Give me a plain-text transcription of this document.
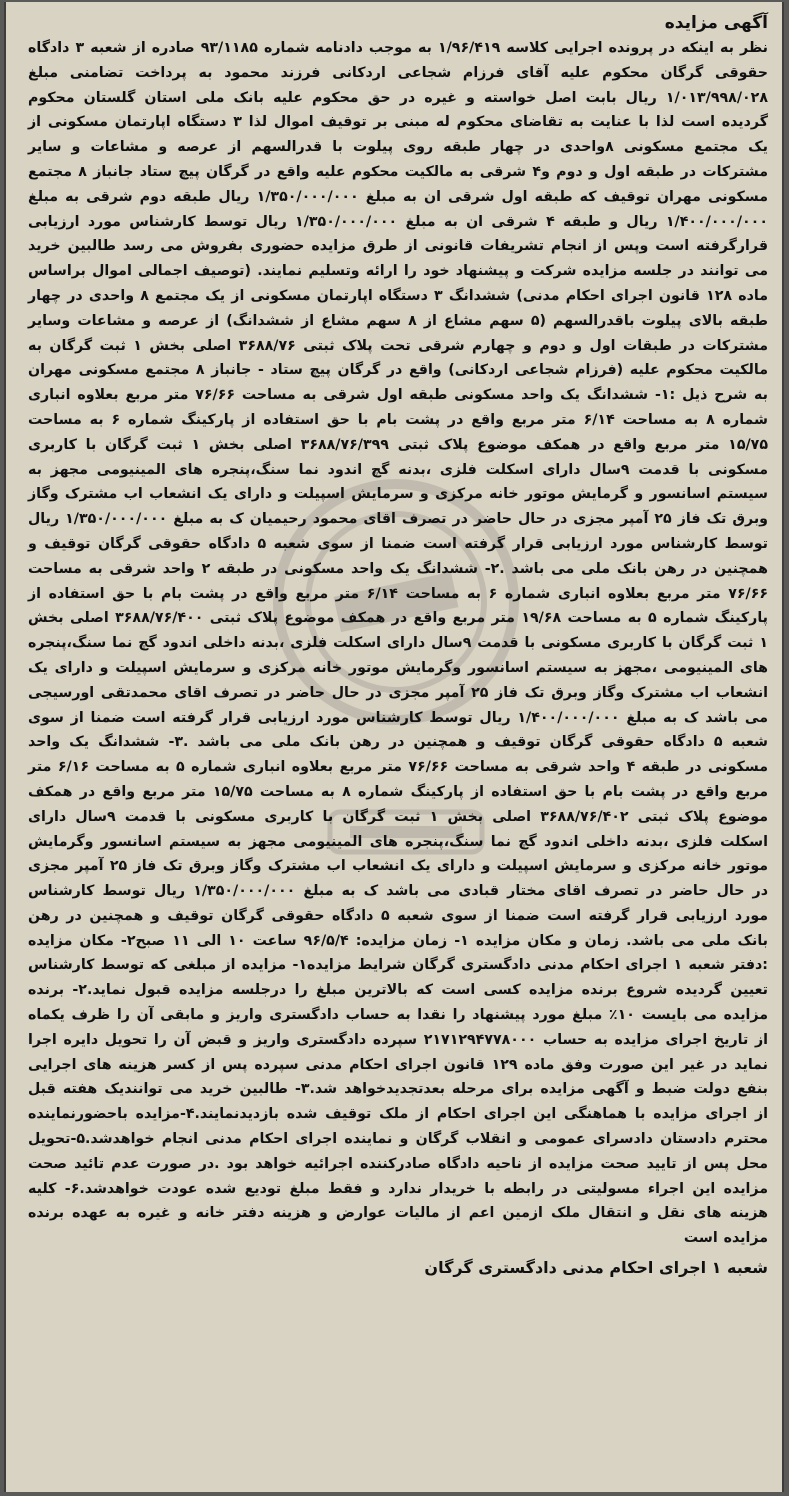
آگهی مزایده

نظر به اینکه در پرونده اجرایی کلاسه ۱/۹۶/۴۱۹ به موجب دادنامه شماره ۹۳/۱۱۸۵ صادره از شعبه ۳ دادگاه حقوقی گرگان محکوم علیه آقای فرزام شجاعی اردکانی فرزند محمود به پرداخت تضامنی مبلغ ۱/۰۱۳/۹۹۸/۰۲۸ ریال بابت اصل خواسته و غیره در حق محکوم علیه بانک ملی استان گلستان محکوم گردیده است لذا با عنایت به تقاضای محکوم له مبنی بر توقیف اموال لذا ۳ دستگاه اپارتمان مسکونی از یک مجتمع مسکونی ۸واحدی در چهار طبقه روی پیلوت با قدرالسهم از عرصه و مشاعات و سایر مشترکات در طبقه اول و دوم و۴ شرقی به مالکیت محکوم علیه واقع در گرگان پیچ ستاد جانباز ۸ مجتمع مسکونی مهران توقیف که طبقه اول شرقی ان به مبلغ ۱/۳۵۰/۰۰۰/۰۰۰ ریال طبقه دوم شرقی به مبلغ ۱/۴۰۰/۰۰۰/۰۰۰ ریال و طبقه ۴ شرقی ان به مبلغ ۱/۳۵۰/۰۰۰/۰۰۰ ریال توسط کارشناس مورد ارزیابی قرارگرفته است وپس از انجام تشریفات قانونی از طرق مزایده حضوری بفروش می رسد طالبین خرید می توانند در جلسه مزایده شرکت و پیشنهاد خود را ارائه وتسلیم نمایند. (توصیف اجمالی اموال براساس ماده ۱۲۸ قانون اجرای احکام مدنی) ششدانگ ۳ دستگاه اپارتمان مسکونی از یک مجتمع ۸ واحدی در چهار طبقه بالای پیلوت باقدرالسهم (۵ سهم مشاع از ۸ سهم مشاع از ششدانگ) از عرصه و مشاعات وسایر مشترکات در طبقات اول و دوم و چهارم شرقی تحت پلاک ثبتی ۳۶۸۸/۷۶ اصلی بخش ۱ ثبت گرگان به مالکیت محکوم علیه (فرزام شجاعی اردکانی) واقع در گرگان پیچ ستاد - جانباز ۸ مجتمع مسکونی مهران به شرح ذیل :۱- ششدانگ یک واحد مسکونی طبقه اول شرقی به مساحت ۷۶/۶۶ متر مربع بعلاوه انباری شماره ۸ به مساحت ۶/۱۴ متر مربع واقع در پشت بام با حق استفاده از پارکینگ شماره ۶ به مساحت ۱۵/۷۵ متر مربع واقع در همکف موضوع پلاک ثبتی ۳۶۸۸/۷۶/۳۹۹ اصلی بخش ۱ ثبت گرگان با کاربری مسکونی با قدمت ۹سال دارای اسکلت فلزی ،بدنه گچ اندود نما سنگ،پنجره های المینیومی مجهز به سیستم اسانسور و گرمایش موتور خانه مرکزی و سرمایش اسپیلت و دارای یک انشعاب اب مشترک وگاز وبرق تک فاز ۲۵ آمپر مجزی در حال حاضر در تصرف اقای محمود رحیمیان ک به مبلغ ۱/۳۵۰/۰۰۰/۰۰۰ ریال توسط کارشناس مورد ارزیابی قرار گرفته است ضمنا از سوی شعبه ۵ دادگاه حقوقی گرگان توقیف و همچنین در رهن بانک ملی می باشد .۲- ششدانگ یک واحد مسکونی در طبقه ۲ واحد شرقی به مساحت ۷۶/۶۶ متر مربع بعلاوه انباری شماره ۶ به مساحت ۶/۱۴ متر مربع واقع در پشت بام با حق استفاده از پارکینگ شماره ۵ به مساحت ۱۹/۶۸ متر مربع واقع در همکف موضوع پلاک ثبتی ۳۶۸۸/۷۶/۴۰۰ اصلی بخش ۱ ثبت گرگان با کاربری مسکونی با قدمت ۹سال دارای اسکلت فلزی ،بدنه داخلی اندود گچ نما سنگ،پنجره های المینیومی ،مجهز به سیستم اسانسور وگرمایش موتور خانه مرکزی و سرمایش اسپیلت و دارای یک انشعاب اب مشترک وگاز وبرق تک فاز ۲۵ آمپر مجزی در حال حاضر در تصرف اقای محمدتقی اورسیجی می باشد ک به مبلغ ۱/۴۰۰/۰۰۰/۰۰۰ ریال توسط کارشناس مورد ارزیابی قرار گرفته است ضمنا از سوی شعبه ۵ دادگاه حقوقی گرگان توقیف و همچنین در رهن بانک ملی می باشد .۳- ششدانگ یک واحد مسکونی در طبقه ۴ واحد شرقی به مساحت ۷۶/۶۶ متر مربع بعلاوه انباری شماره ۵ به مساحت ۶/۱۶ متر مربع واقع در پشت بام با حق استفاده از پارکینگ شماره ۸ به مساحت ۱۵/۷۵ متر مربع واقع در همکف موضوع پلاک ثبتی ۳۶۸۸/۷۶/۴۰۲ اصلی بخش ۱ ثبت گرگان با کاربری مسکونی با قدمت ۹سال دارای اسکلت فلزی ،بدنه داخلی اندود گچ نما سنگ،پنجره های المینیومی مجهز به سیستم اسانسور وگرمایش موتور خانه مرکزی و سرمایش اسپیلت و دارای یک انشعاب اب مشترک وگاز وبرق تک فاز ۲۵ آمپر مجزی در حال حاضر در تصرف اقای مختار قبادی می باشد ک به مبلغ ۱/۳۵۰/۰۰۰/۰۰۰ ریال توسط کارشناس مورد ارزیابی قرار گرفته است ضمنا از سوی شعبه ۵ دادگاه حقوقی گرگان توقیف و همچنین در رهن بانک ملی می باشد. زمان و مکان مزایده ۱- زمان مزایده: ۹۶/۵/۴ ساعت ۱۰ الی ۱۱ صبح۲- مکان مزایده :دفتر شعبه ۱ اجرای احکام مدنی دادگستری گرگان شرایط مزایده۱- مزایده از مبلغی که توسط کارشناس تعیین گردیده شروع برنده مزایده کسی است که بالاترین مبلغ را درجلسه مزایده قبول نماید.۲- برنده مزایده می بایست ۱۰٪ مبلغ مورد پیشنهاد را نقدا به حساب دادگستری واریز و مابقی آن را ظرف یکماه از تاریخ اجرای مزایده به حساب ۲۱۷۱۲۹۴۷۷۸۰۰۰ سپرده دادگستری واریز و قبض آن را تحویل دایره اجرا نماید در غیر این صورت وفق ماده ۱۲۹ قانون اجرای احکام مدنی سپرده پس از کسر هزینه های اجرایی بنفع دولت ضبط و آگهی مزایده برای مرحله بعدتجدیدخواهد شد.۳- طالبین خرید می توانندیک هفته قبل از اجرای مزایده با هماهنگی این اجرای احکام از ملک توقیف شده بازدیدنمایند.۴-مزایده باحضورنماینده محترم دادستان دادسرای عمومی و انقلاب گرگان و نماینده اجرای احکام مدنی انجام خواهدشد.۵-تحویل محل پس از تایید صحت مزایده از ناحیه دادگاه صادرکننده اجرائیه خواهد بود .در صورت عدم تائید صحت مزایده این اجراء مسولیتی در رابطه با خریدار ندارد و فقط مبلغ تودیع شده عودت خواهدشد.۶- کلیه هزینه های نقل و انتقال ملک ازمین اعم از مالیات عوارض و هزینه دفتر خانه و غیره به عهده برنده مزایده است

شعبه ۱ اجرای احکام مدنی دادگستری گرگان
